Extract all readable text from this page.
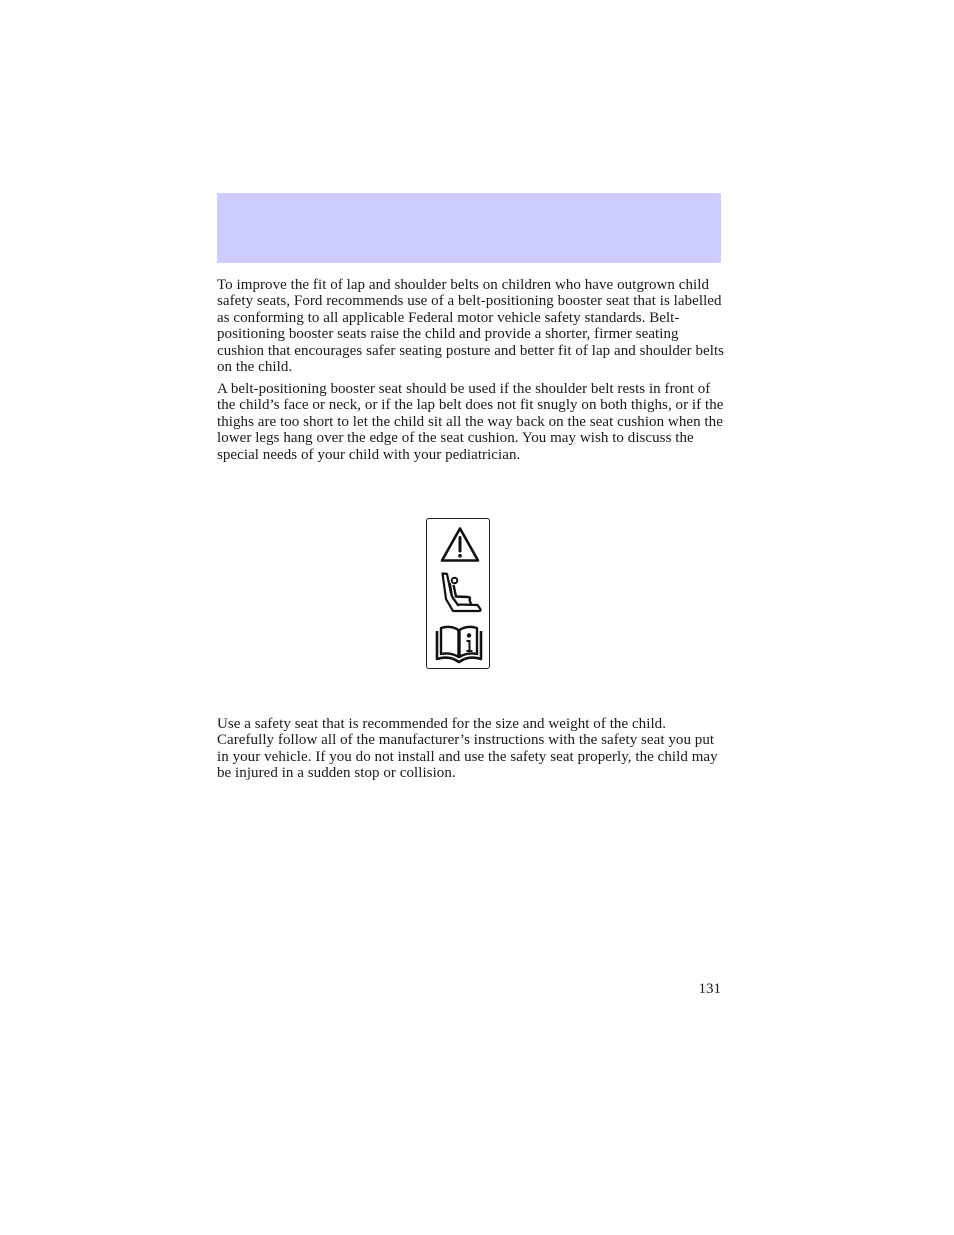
To improve the fit of lap and shoulder belts on children who have outgrown child safety seats, Ford recommends use of a belt-positioning booster seat that is labelled as conforming to all applicable Federal motor vehicle safety standards. Belt-positioning booster seats raise the child and provide a shorter, firmer seating cushion that encourages safer seating posture and better fit of lap and shoulder belts on the child.

A belt-positioning booster seat should be used if the shoulder belt rests in front of the child’s face or neck, or if the lap belt does not fit snugly on both thighs, or if the thighs are too short to let the child sit all the way back on the seat cushion when the lower legs hang over the edge of the seat cushion. You may wish to discuss the special needs of your child with your pediatrician.

Use a safety seat that is recommended for the size and weight of the child. Carefully follow all of the manufacturer’s instructions with the safety seat you put in your vehicle. If you do not install and use the safety seat properly, the child may be injured in a sudden stop or collision.

131
